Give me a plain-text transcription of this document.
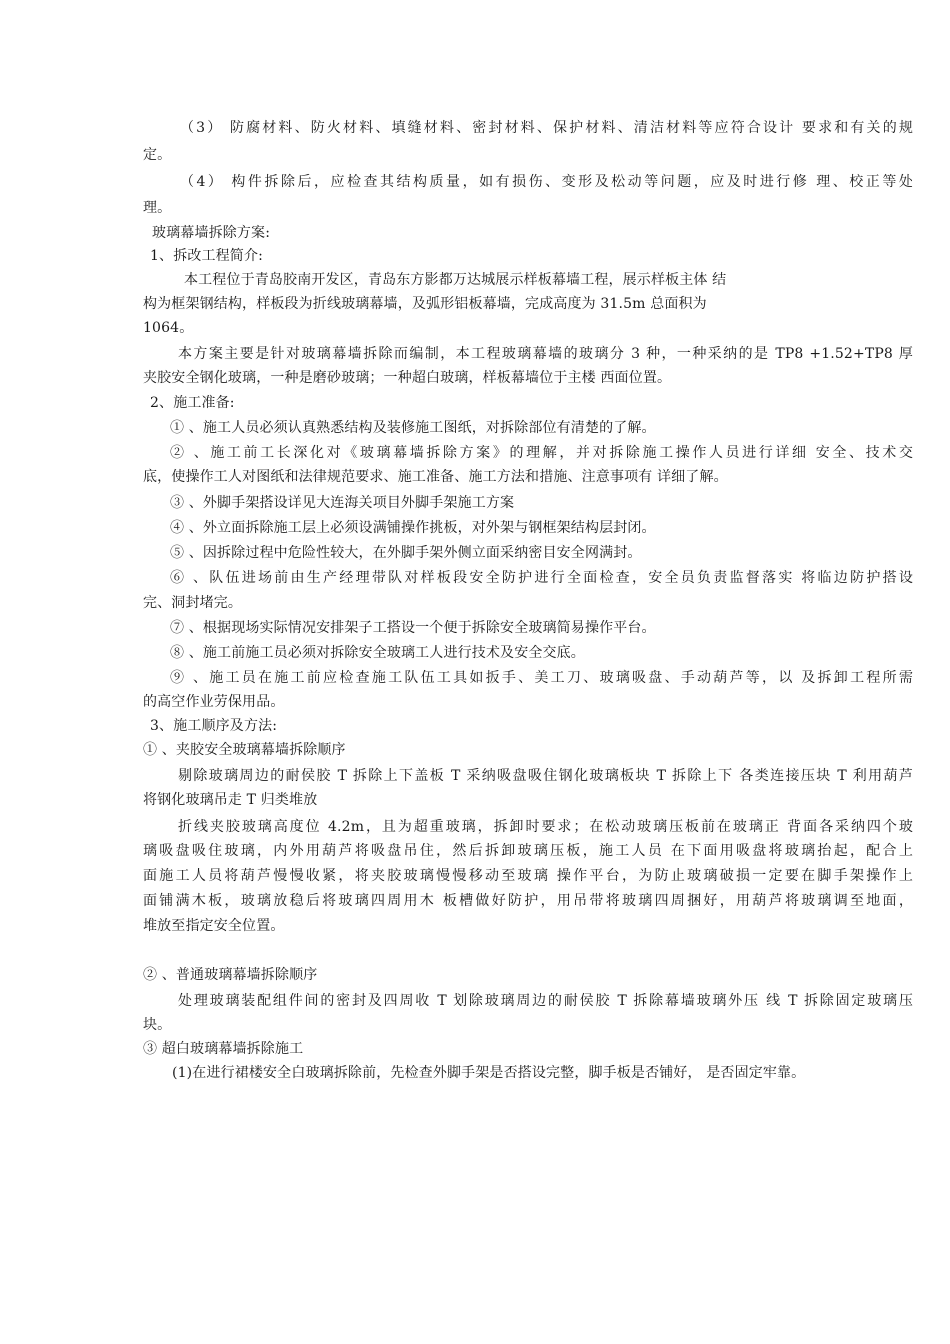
（3） 防腐材料、防火材料、填缝材料、密封材料、保护材料、清洁材料等应符合设计 要求和有关的规
定。
（4） 构件拆除后，应检查其结构质量，如有损伤、变形及松动等问题，应及时进行修 理、校正等处
理。
玻璃幕墙拆除方案:
1、拆改工程简介:
本工程位于青岛胶南开发区，青岛东方影都万达城展示样板幕墙工程，展示样板主体 结
构为框架钢结构，样板段为折线玻璃幕墙，及弧形铝板幕墙，完成高度为 31.5m 总面积为
1064。
本方案主要是针对玻璃幕墙拆除而编制，本工程玻璃幕墙的玻璃分 3 种，一种采纳的是 TP8 +1.52+TP8 厚
夹胶安全钢化玻璃，一种是磨砂玻璃；一种超白玻璃，样板幕墙位于主楼 西面位置。
2、施工准备:
① 、施工人员必须认真熟悉结构及装修施工图纸，对拆除部位有清楚的了解。
② 、施工前工长深化对《玻璃幕墙拆除方案》的理解，并对拆除施工操作人员进行详细 安全、技术交
底，使操作工人对图纸和法律规范要求、施工准备、施工方法和措施、注意事项有 详细了解。
③ 、外脚手架搭设详见大连海关项目外脚手架施工方案
④ 、外立面拆除施工层上必须设满铺操作挑板，对外架与钢框架结构层封闭。
⑤ 、因拆除过程中危险性较大，在外脚手架外侧立面采纳密目安全网满封。
⑥ 、队伍进场前由生产经理带队对样板段安全防护进行全面检查，安全员负责监督落实 将临边防护搭设
完、洞封堵完。
⑦ 、根据现场实际情况安排架子工搭设一个便于拆除安全玻璃简易操作平台。
⑧ 、施工前施工员必须对拆除安全玻璃工人进行技术及安全交底。
⑨ 、施工员在施工前应检查施工队伍工具如扳手、美工刀、玻璃吸盘、手动葫芦等，以 及拆卸工程所需
的高空作业劳保用品。
3、施工顺序及方法:
① 、夹胶安全玻璃幕墙拆除顺序
剔除玻璃周边的耐侯胶 T 拆除上下盖板 T 采纳吸盘吸住钢化玻璃板块 T 拆除上下 各类连接压块 T 利用葫芦
将钢化玻璃吊走 T 归类堆放
折线夹胶玻璃高度位 4.2m，且为超重玻璃，拆卸时要求；在松动玻璃压板前在玻璃正 背面各采纳四个玻
璃吸盘吸住玻璃，内外用葫芦将吸盘吊住，然后拆卸玻璃压板，施工人员 在下面用吸盘将玻璃抬起，配合上
面施工人员将葫芦慢慢收紧，将夹胶玻璃慢慢移动至玻璃 操作平台，为防止玻璃破损一定要在脚手架操作上
面铺满木板，玻璃放稳后将玻璃四周用木 板槽做好防护，用吊带将玻璃四周捆好，用葫芦将玻璃调至地面，
堆放至指定安全位置。
② 、普通玻璃幕墙拆除顺序
处理玻璃装配组件间的密封及四周收 T 划除玻璃周边的耐侯胶 T 拆除幕墙玻璃外压 线 T 拆除固定玻璃压
块。
③ 超白玻璃幕墙拆除施工
(1)在进行裙楼安全白玻璃拆除前，先检查外脚手架是否搭设完整，脚手板是否铺好， 是否固定牢靠。
